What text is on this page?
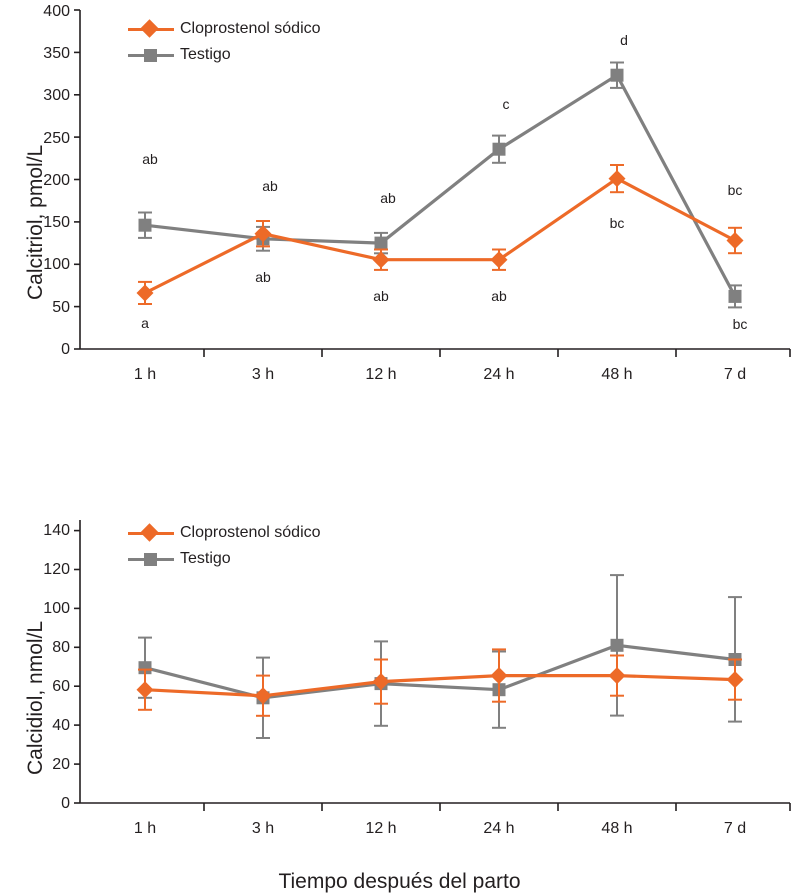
Calcitriol, pmol/L
400
350
300
250
200
150
100
50
0
1 h	3 h	12 h	24 h	48 h	7 d
Cloprostenol sódico
Testigo
a
ab
ab	ab
bc
bc
ab
ab
ab
c
d
bc
Calcidiol, nmol/L
140
120
100
80
60
40
20
0
1 h	3 h	12 h	24 h	48 h	7 d
Cloprostenol sódico
Testigo
Tiempo después del parto
